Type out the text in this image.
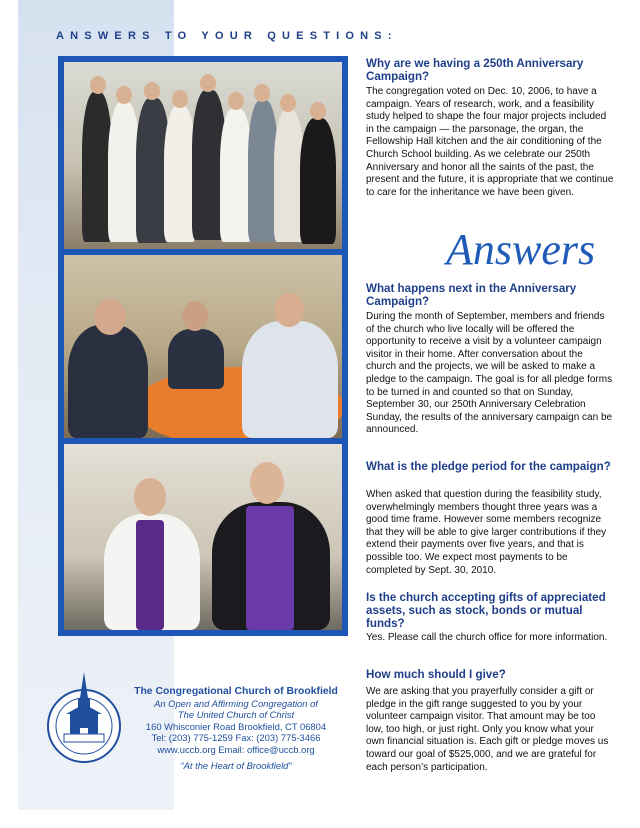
ANSWERS TO YOUR QUESTIONS:
Why are we having a 250th Anniversary Campaign?
The congregation voted on Dec. 10, 2006, to have a campaign. Years of research, work, and a feasibility study helped to shape the four major projects included in the campaign — the parsonage, the organ, the Fellowship Hall kitchen and the air conditioning of the Church School building. As we celebrate our 250th Anniversary and honor all the saints of the past, the present and the future, it is appropriate that we continue to care for the inheritance we have been given.
Answers
What happens next in the Anniversary Campaign?
During the month of September, members and friends of the church who live locally will be offered the opportunity to receive a visit by a volunteer campaign visitor in their home. After conversation about the church and the projects, we will be asked to make a pledge to the campaign. The goal is for all pledge forms to be turned in and counted so that on Sunday, September 30, our 250th Anniversary Celebration Sunday, the results of the anniversary campaign can be announced.
What is the pledge period for the campaign?
When asked that question during the feasibility study, overwhelmingly members thought three years was a good time frame. However some members recognize that they will be able to give larger contributions if they extend their payments over five years, and that is possible too. We expect most payments to be completed by Sept. 30, 2010.
Is the church accepting gifts of appreciated assets, such as stock, bonds or mutual funds?
Yes. Please call the church office for more information.
How much should I give?
We are asking that you prayerfully consider a gift or pledge in the gift range suggested to you by your volunteer campaign visitor. That amount may be too low, too high, or just right. Only you know what your own financial situation is. Each gift or pledge moves us toward our goal of $525,000, and we are grateful for each person’s participation.
The Congregational Church of Brookfield
An Open and Affirming Congregation of
The United Church of Christ
160 Whisconier Road Brookfield, CT 06804
Tel: (203) 775-1259 Fax: (203) 775-3466
www.uccb.org Email: office@uccb.org
“At the Heart of Brookfield”
